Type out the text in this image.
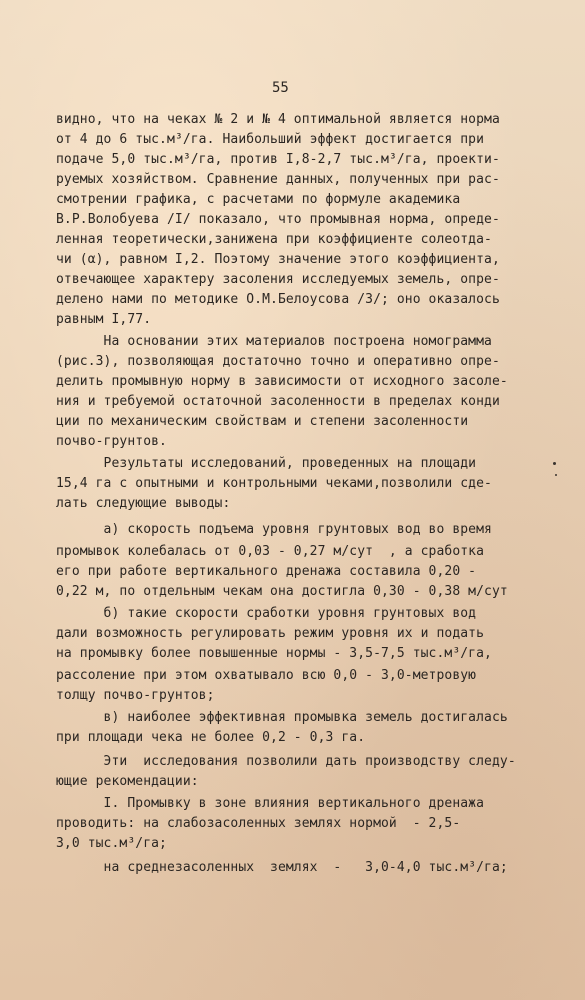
55
видно, что на чеках № 2 и № 4 оптимальной является норма
от 4 до 6 тыс.м³/га. Наибольший эффект достигается при
подаче 5,0 тыс.м³/га, против I,8-2,7 тыс.м³/га, проекти-
руемых хозяйством. Сравнение данных, полученных при рас-
смотрении графика, с расчетами по формуле академика
В.Р.Волобуева /I/ показало, что промывная норма, опреде-
ленная теоретически,занижена при коэффициенте солеотда-
чи (α), равном I,2. Поэтому значение этого коэффициента,
отвечающее характеру засоления исследуемых земель, опре-
делено нами по методике О.М.Белоусова /3/; оно оказалось
равным I,77.
На основании этих материалов построена номограмма
(рис.3), позволяющая достаточно точно и оперативно опре-
делить промывную норму в зависимости от исходного засоле-
ния и требуемой остаточной засоленности в пределах конди
ции по механическим свойствам и степени засоленности
почво-грунтов.
Результаты исследований, проведенных на площади
15,4 га с опытными и контрольными чеками,позволили сде-
лать следующие выводы:
а) скорость подъема уровня грунтовых вод во время
промывок колебалась от 0,03 - 0,27 м/сут  , а сработка
его при работе вертикального дренажа составила 0,20 -
0,22 м, по отдельным чекам она достигла 0,30 - 0,38 м/сут
б) такие скорости сработки уровня грунтовых вод
дали возможность регулировать режим уровня их и подать
на промывку более повышенные нормы - 3,5-7,5 тыс.м³/га,
рассоление при этом охватывало всю 0,0 - 3,0-метровую
толщу почво-грунтов;
в) наиболее эффективная промывка земель достигалась
при площади чека не более 0,2 - 0,3 га.
Эти  исследования позволили дать производству следу-
ющие рекомендации:
I. Промывку в зоне влияния вертикального дренажа
проводить: на слабозасоленных землях нормой  - 2,5-
3,0 тыс.м³/га;
на среднезасоленных  землях  -   3,0-4,0 тыс.м³/га;
